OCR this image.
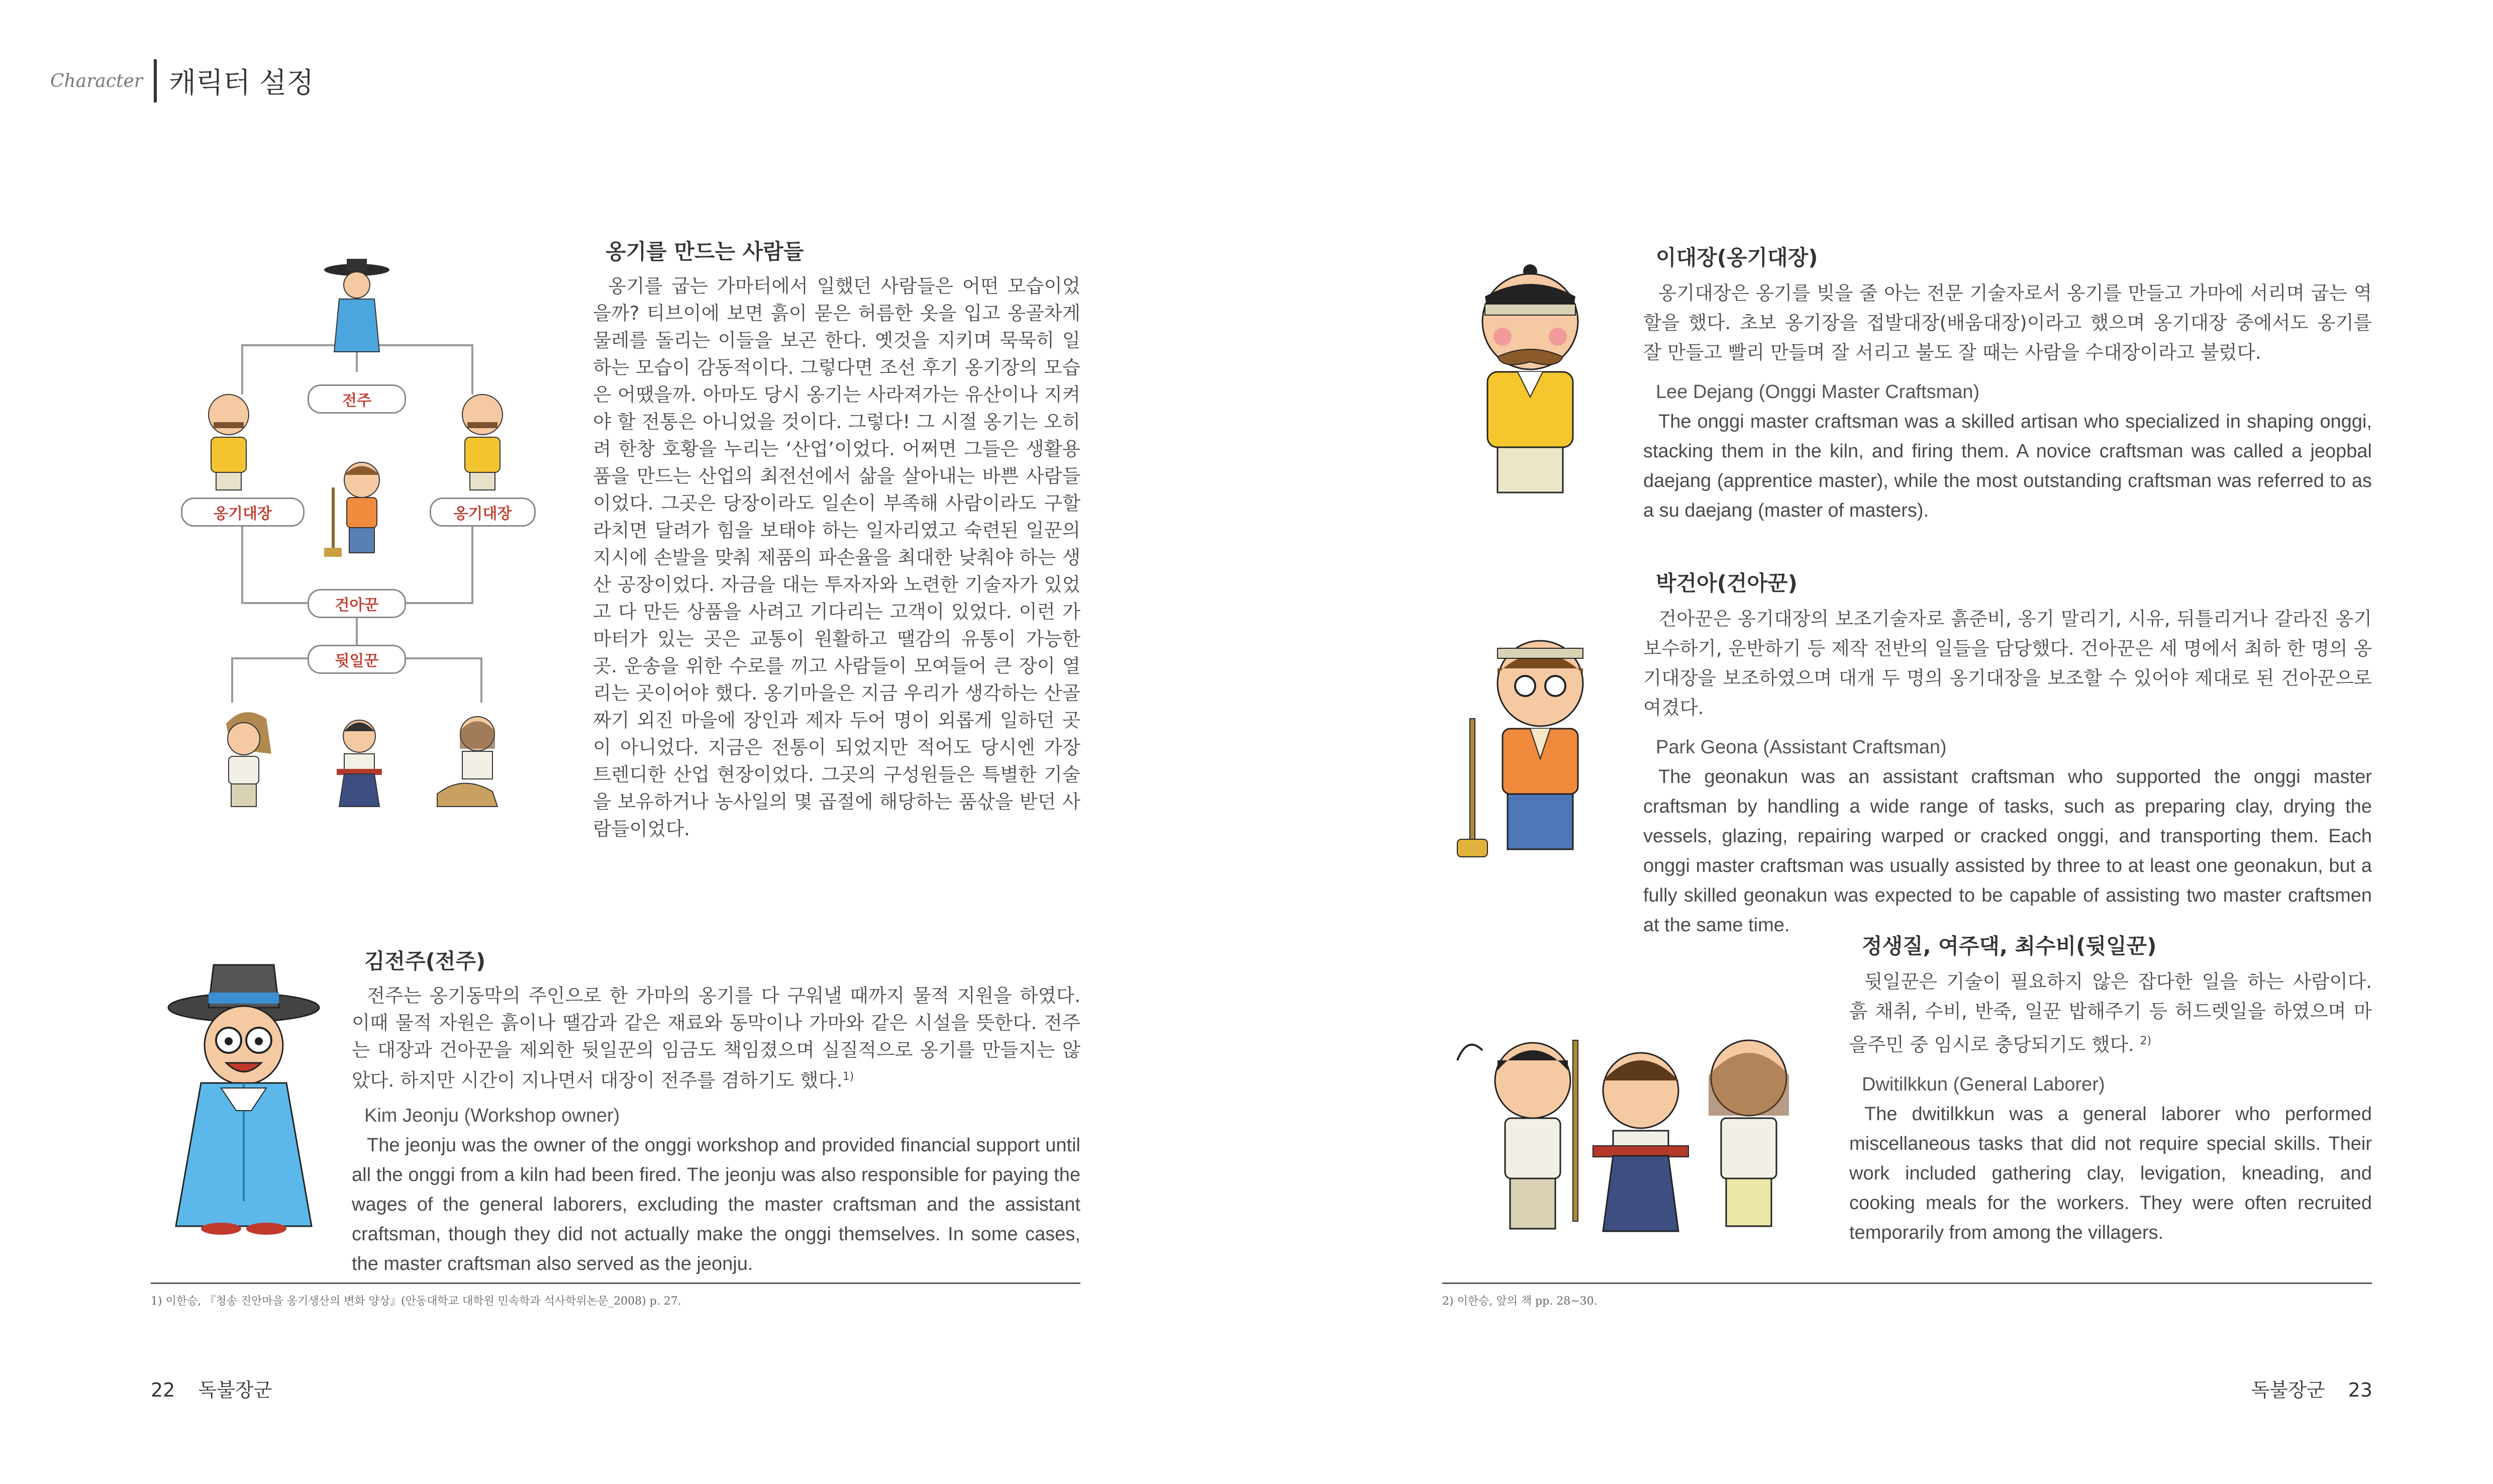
Character 캐릭터 설정
전주
옹기대장	옹기대장
건아꾼
뒷일꾼
옹기를 만드는 사람들

옹기를 굽는 가마터에서 일했던 사람들은 어떤 모습이었을까? 티브이에 보면 흙이 묻은 허름한 옷을 입고 옹골차게 물레를 돌리는 이들을 보곤 한다. 옛것을 지키며 묵묵히 일하는 모습이 감동적이다. 그렇다면 조선 후기 옹기장의 모습은 어땠을까. 아마도 당시 옹기는 사라져가는 유산이나 지켜야 할 전통은 아니었을 것이다. 그렇다! 그 시절 옹기는 오히려 한창 호황을 누리는 ‘산업’이었다. 어쩌면 그들은 생활용품을 만드는 산업의 최전선에서 삶을 살아내는 바쁜 사람들이었다. 그곳은 당장이라도 일손이 부족해 사람이라도 구할라치면 달려가 힘을 보태야 하는 일자리였고 숙련된 일꾼의 지시에 손발을 맞춰 제품의 파손율을 최대한 낮춰야 하는 생산 공장이었다. 자금을 대는 투자자와 노련한 기술자가 있었고 다 만든 상품을 사려고 기다리는 고객이 있었다. 이런 가마터가 있는 곳은 교통이 원활하고 땔감의 유통이 가능한 곳. 운송을 위한 수로를 끼고 사람들이 모여들어 큰 장이 열리는 곳이어야 했다. 옹기마을은 지금 우리가 생각하는 산골짜기 외진 마을에 장인과 제자 두어 명이 외롭게 일하던 곳이 아니었다. 지금은 전통이 되었지만 적어도 당시엔 가장 트렌디한 산업 현장이었다. 그곳의 구성원들은 특별한 기술을 보유하거나 농사일의 몇 곱절에 해당하는 품삯을 받던 사람들이었다.

김전주(전주)

전주는 옹기동막의 주인으로 한 가마의 옹기를 다 구워낼 때까지 물적 지원을 하였다. 이때 물적 자원은 흙이나 땔감과 같은 재료와 동막이나 가마와 같은 시설을 뜻한다. 전주는 대장과 건아꾼을 제외한 뒷일꾼의 임금도 책임졌으며 실질적으로 옹기를 만들지는 않았다. 하지만 시간이 지나면서 대장이 전주를 겸하기도 했다.$^{1)}$

Kim Jeonju (Workshop owner)

The jeonju was the owner of the onggi workshop and provided financial support until all the onggi from a kiln had been fired. The jeonju was also responsible for paying the wages of the general laborers, excluding the master craftsman and the assistant craftsman, though they did not actually make the onggi themselves. In some cases, the master craftsman also served as the jeonju.

1) 이한승, 『청송 진안마을 옹기생산의 변화 양상』(안동대학교 대학원 민속학과 석사학위논문_2008) p. 27.
22 독불장군
이대장(옹기대장)

옹기대장은 옹기를 빚을 줄 아는 전문 기술자로서 옹기를 만들고 가마에 서리며 굽는 역할을 했다. 초보 옹기장을 접발대장(배움대장)이라고 했으며 옹기대장 중에서도 옹기를 잘 만들고 빨리 만들며 잘 서리고 불도 잘 때는 사람을 수대장이라고 불렀다.

Lee Dejang (Onggi Master Craftsman)

The onggi master craftsman was a skilled artisan who specialized in shaping onggi, stacking them in the kiln, and firing them. A novice craftsman was called a jeopbal daejang (apprentice master), while the most outstanding craftsman was referred to as a su daejang (master of masters).

박건아(건아꾼)

건아꾼은 옹기대장의 보조기술자로 흙준비, 옹기 말리기, 시유, 뒤틀리거나 갈라진 옹기 보수하기, 운반하기 등 제작 전반의 일들을 담당했다. 건아꾼은 세 명에서 최하 한 명의 옹기대장을 보조하였으며 대개 두 명의 옹기대장을 보조할 수 있어야 제대로 된 건아꾼으로 여겼다.

Park Geona (Assistant Craftsman)

The geonakun was an assistant craftsman who supported the onggi master craftsman by handling a wide range of tasks, such as preparing clay, drying the vessels, glazing, repairing warped or cracked onggi, and transporting them. Each onggi master craftsman was usually assisted by three to at least one geonakun, but a fully skilled geonakun was expected to be capable of assisting two master craftsmen at the same time.

정생질, 여주댁, 최수비(뒷일꾼)

뒷일꾼은 기술이 필요하지 않은 잡다한 일을 하는 사람이다. 흙 채취, 수비, 반죽, 일꾼 밥해주기 등 허드렛일을 하였으며 마을주민 중 임시로 충당되기도 했다. $^{2)}$

Dwitilkkun (General Laborer)

The dwitilkkun was a general laborer who performed miscellaneous tasks that did not require special skills. Their work included gathering clay, levigation, kneading, and cooking meals for the workers. They were often recruited temporarily from among the villagers.

2) 이한승, 앞의 책 pp. 28~30.
독불장군 23
